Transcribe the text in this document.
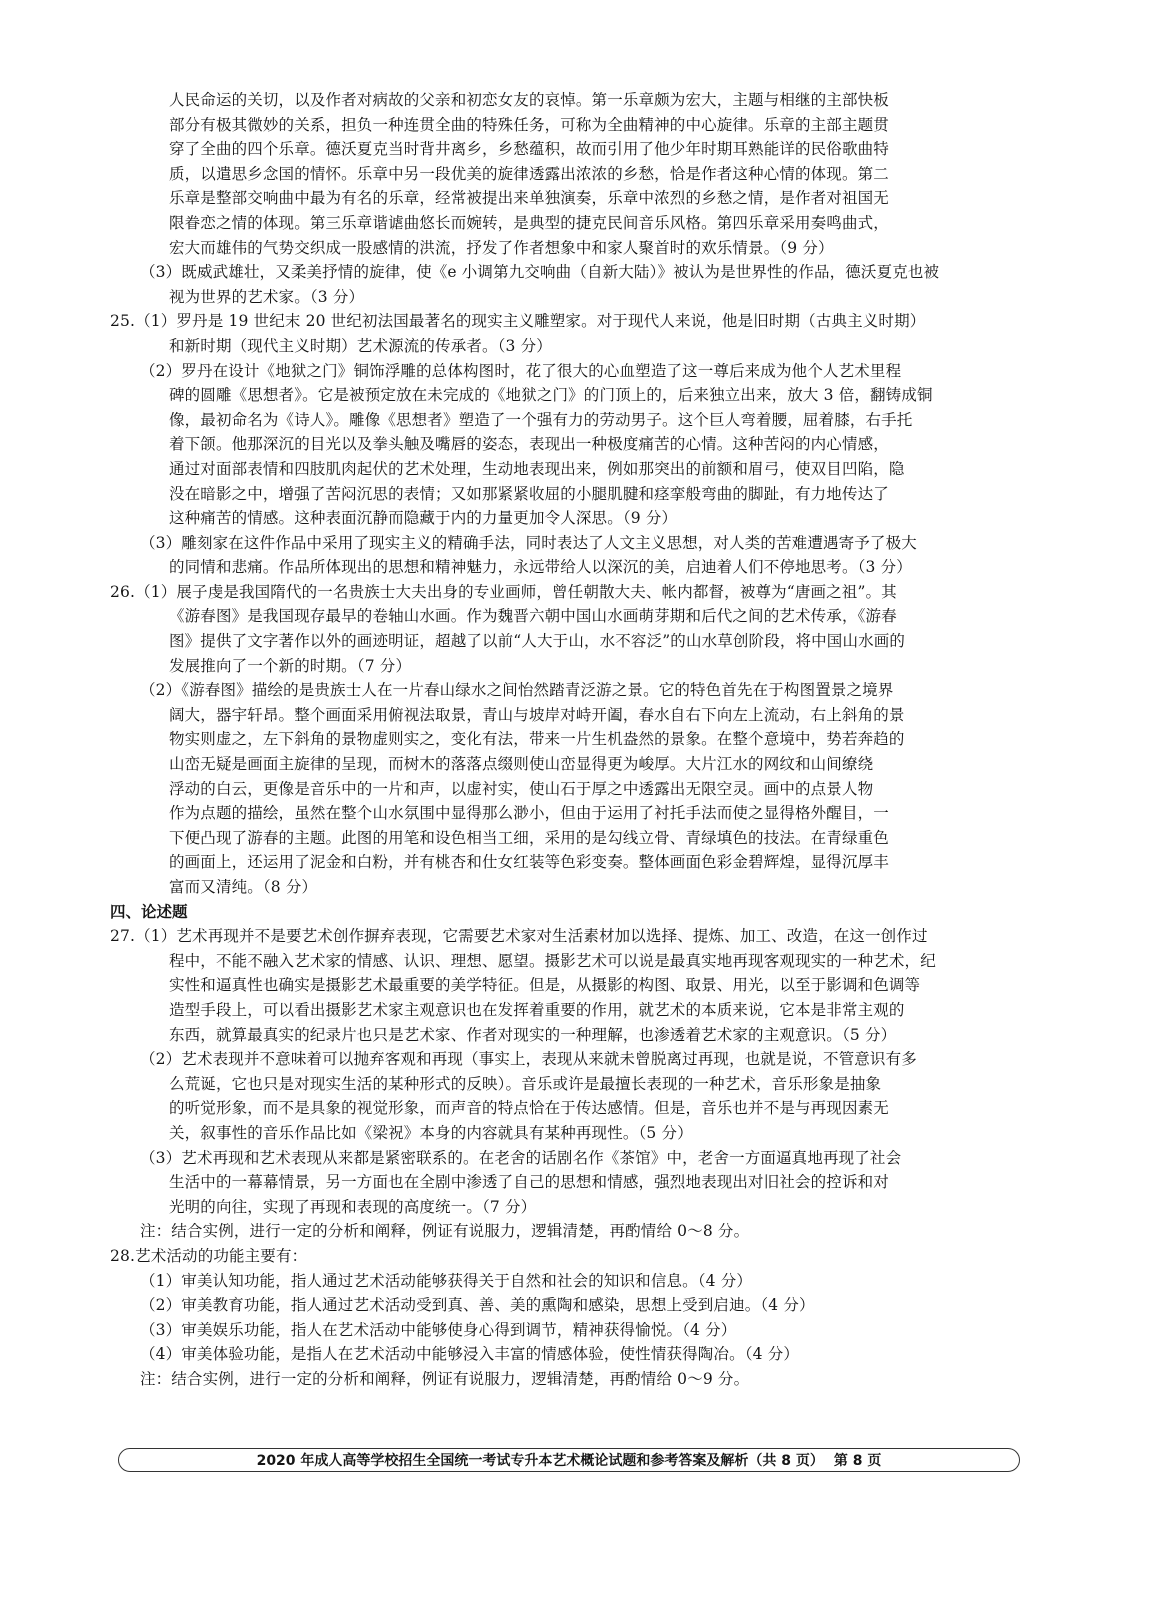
人民命运的关切，以及作者对病故的父亲和初恋女友的哀悼。第一乐章颇为宏大，主题与相继的主部快板
部分有极其微妙的关系，担负一种连贯全曲的特殊任务，可称为全曲精神的中心旋律。乐章的主部主题贯
穿了全曲的四个乐章。德沃夏克当时背井离乡，乡愁蕴积，故而引用了他少年时期耳熟能详的民俗歌曲特
质，以遣思乡念国的情怀。乐章中另一段优美的旋律透露出浓浓的乡愁，恰是作者这种心情的体现。第二
乐章是整部交响曲中最为有名的乐章，经常被提出来单独演奏，乐章中浓烈的乡愁之情，是作者对祖国无
限眷恋之情的体现。第三乐章谐谑曲悠长而婉转，是典型的捷克民间音乐风格。第四乐章采用奏鸣曲式，
宏大而雄伟的气势交织成一股感情的洪流，抒发了作者想象中和家人聚首时的欢乐情景。（9 分）
（3）既威武雄壮，又柔美抒情的旋律，使《e 小调第九交响曲（自新大陆）》被认为是世界性的作品，德沃夏克也被
视为世界的艺术家。（3 分）
25.（1）罗丹是 19 世纪末 20 世纪初法国最著名的现实主义雕塑家。对于现代人来说，他是旧时期（古典主义时期）
和新时期（现代主义时期）艺术源流的传承者。（3 分）
（2）罗丹在设计《地狱之门》铜饰浮雕的总体构图时，花了很大的心血塑造了这一尊后来成为他个人艺术里程
碑的圆雕《思想者》。它是被预定放在未完成的《地狱之门》的门顶上的，后来独立出来，放大 3 倍，翻铸成铜
像，最初命名为《诗人》。雕像《思想者》塑造了一个强有力的劳动男子。这个巨人弯着腰，屈着膝，右手托
着下颌。他那深沉的目光以及拳头触及嘴唇的姿态，表现出一种极度痛苦的心情。这种苦闷的内心情感，
通过对面部表情和四肢肌肉起伏的艺术处理，生动地表现出来，例如那突出的前额和眉弓，使双目凹陷，隐
没在暗影之中，增强了苦闷沉思的表情；又如那紧紧收屈的小腿肌腱和痉挛般弯曲的脚趾，有力地传达了
这种痛苦的情感。这种表面沉静而隐藏于内的力量更加令人深思。（9 分）
（3）雕刻家在这件作品中采用了现实主义的精确手法，同时表达了人文主义思想，对人类的苦难遭遇寄予了极大
的同情和悲痛。作品所体现出的思想和精神魅力，永远带给人以深沉的美，启迪着人们不停地思考。（3 分）
26.（1）展子虔是我国隋代的一名贵族士大夫出身的专业画师，曾任朝散大夫、帐内都督，被尊为“唐画之祖”。其
《游春图》是我国现存最早的卷轴山水画。作为魏晋六朝中国山水画萌芽期和后代之间的艺术传承，《游春
图》提供了文字著作以外的画迹明证，超越了以前“人大于山，水不容泛”的山水草创阶段，将中国山水画的
发展推向了一个新的时期。（7 分）
（2）《游春图》描绘的是贵族士人在一片春山绿水之间怡然踏青泛游之景。它的特色首先在于构图置景之境界
阔大，器宇轩昂。整个画面采用俯视法取景，青山与坡岸对峙开阖，春水自右下向左上流动，右上斜角的景
物实则虚之，左下斜角的景物虚则实之，变化有法，带来一片生机盎然的景象。在整个意境中，势若奔趋的
山峦无疑是画面主旋律的呈现，而树木的落落点缀则使山峦显得更为峻厚。大片江水的网纹和山间缭绕
浮动的白云，更像是音乐中的一片和声，以虚衬实，使山石于厚之中透露出无限空灵。画中的点景人物
作为点题的描绘，虽然在整个山水氛围中显得那么渺小，但由于运用了衬托手法而使之显得格外醒目，一
下便凸现了游春的主题。此图的用笔和设色相当工细，采用的是勾线立骨、青绿填色的技法。在青绿重色
的画面上，还运用了泥金和白粉，并有桃杏和仕女红装等色彩变奏。整体画面色彩金碧辉煌，显得沉厚丰
富而又清纯。（8 分）
四、论述题
27.（1）艺术再现并不是要艺术创作摒弃表现，它需要艺术家对生活素材加以选择、提炼、加工、改造，在这一创作过
程中，不能不融入艺术家的情感、认识、理想、愿望。摄影艺术可以说是最真实地再现客观现实的一种艺术，纪
实性和逼真性也确实是摄影艺术最重要的美学特征。但是，从摄影的构图、取景、用光，以至于影调和色调等
造型手段上，可以看出摄影艺术家主观意识也在发挥着重要的作用，就艺术的本质来说，它本是非常主观的
东西，就算最真实的纪录片也只是艺术家、作者对现实的一种理解，也渗透着艺术家的主观意识。（5 分）
（2）艺术表现并不意味着可以抛弃客观和再现（事实上，表现从来就未曾脱离过再现，也就是说，不管意识有多
么荒诞，它也只是对现实生活的某种形式的反映）。音乐或许是最擅长表现的一种艺术，音乐形象是抽象
的听觉形象，而不是具象的视觉形象，而声音的特点恰在于传达感情。但是，音乐也并不是与再现因素无
关，叙事性的音乐作品比如《梁祝》本身的内容就具有某种再现性。（5 分）
（3）艺术再现和艺术表现从来都是紧密联系的。在老舍的话剧名作《茶馆》中，老舍一方面逼真地再现了社会
生活中的一幕幕情景，另一方面也在全剧中渗透了自己的思想和情感，强烈地表现出对旧社会的控诉和对
光明的向往，实现了再现和表现的高度统一。（7 分）
注：结合实例，进行一定的分析和阐释，例证有说服力，逻辑清楚，再酌情给 0～8 分。
28.艺术活动的功能主要有：
（1）审美认知功能，指人通过艺术活动能够获得关于自然和社会的知识和信息。（4 分）
（2）审美教育功能，指人通过艺术活动受到真、善、美的熏陶和感染，思想上受到启迪。（4 分）
（3）审美娱乐功能，指人在艺术活动中能够使身心得到调节，精神获得愉悦。（4 分）
（4）审美体验功能，是指人在艺术活动中能够浸入丰富的情感体验，使性情获得陶冶。（4 分）
注：结合实例，进行一定的分析和阐释，例证有说服力，逻辑清楚，再酌情给 0～9 分。
2020 年成人高等学校招生全国统一考试专升本艺术概论试题和参考答案及解析（共 8 页） 第 8 页
